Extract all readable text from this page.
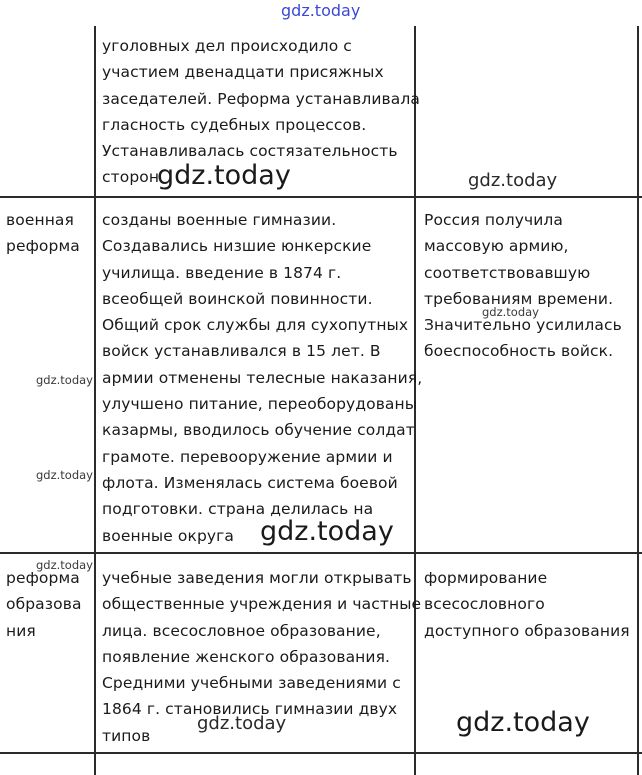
gdz.today
уголовных дел происходило с
участием двенадцати присяжных
заседателей. Реформа устанавливала
гласность судебных процессов.
Устанавливалась состязательность
сторон
военная
реформа
созданы военные гимназии.
Создавались низшие юнкерские
училища. введение в 1874 г.
всеобщей воинской повинности.
Общий срок службы для сухопутных
войск устанавливался в 15 лет. В
армии отменены телесные наказания,
улучшено питание, переоборудованы
казармы, вводилось обучение солдат
грамоте. перевооружение армии и
флота. Изменялась система боевой
подготовки. страна делилась на
военные округа
Россия получила
массовую армию,
соответствовавшую
требованиям времени.
Значительно усилилась
боеспособность войск.
реформа
образова
ния
учебные заведения могли открывать
общественные учреждения и частные
лица. всесословное образование,
появление женского образования.
Средними учебными заведениями с
1864 г. становились гимназии двух
типов
формирование
всесословного
доступного образования
gdz.today	gdz.today
gdz.today
gdz.today
gdz.today
gdz.today
gdz.today
gdz.today	gdz.today
